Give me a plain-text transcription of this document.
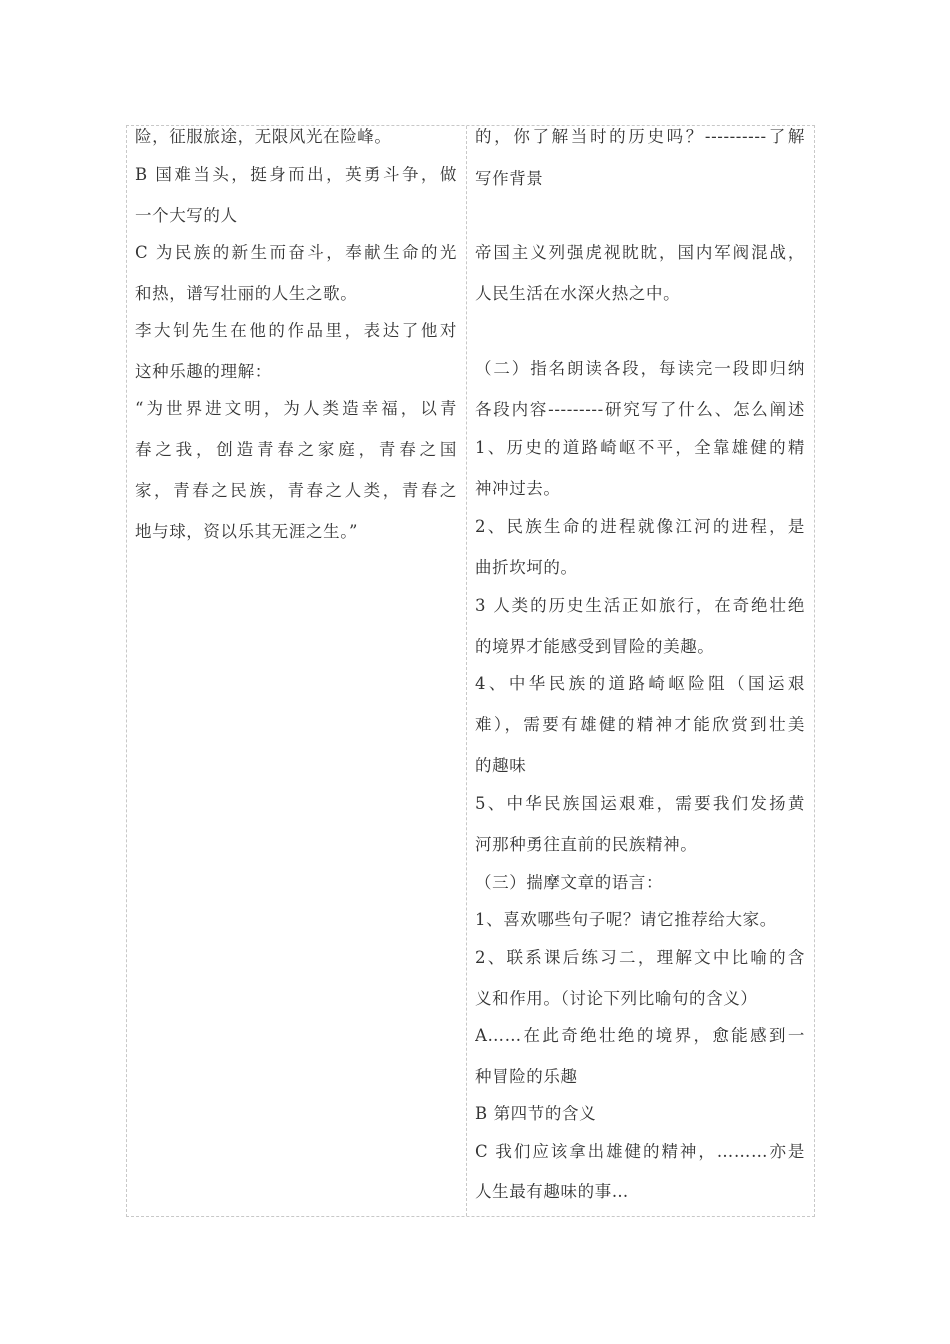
险，征服旅途，无限风光在险峰。
B 国难当头，挺身而出，英勇斗争，做
一个大写的人
C 为民族的新生而奋斗，奉献生命的光
和热，谱写壮丽的人生之歌。
李大钊先生在他的作品里，表达了他对
这种乐趣的理解：
“为世界进文明，为人类造幸福，以青
春之我，创造青春之家庭，青春之国
家，青春之民族，青春之人类，青春之
地与球，资以乐其无涯之生。”
的，你了解当时的历史吗？----------了解
写作背景
帝国主义列强虎视眈眈，国内军阀混战，
人民生活在水深火热之中。
（二）指名朗读各段，每读完一段即归纳
各段内容---------研究写了什么、怎么阐述
1、历史的道路崎岖不平，全靠雄健的精
神冲过去。
2、民族生命的进程就像江河的进程，是
曲折坎坷的。
3 人类的历史生活正如旅行，在奇绝壮绝
的境界才能感受到冒险的美趣。
4、中华民族的道路崎岖险阻（国运艰
难），需要有雄健的精神才能欣赏到壮美
的趣味
5、中华民族国运艰难，需要我们发扬黄
河那种勇往直前的民族精神。
（三）揣摩文章的语言：
1、喜欢哪些句子呢？请它推荐给大家。
2、联系课后练习二，理解文中比喻的含
义和作用。（讨论下列比喻句的含义）
A……在此奇绝壮绝的境界，愈能感到一
种冒险的乐趣
B 第四节的含义
C 我们应该拿出雄健的精神，………亦是
人生最有趣味的事…
